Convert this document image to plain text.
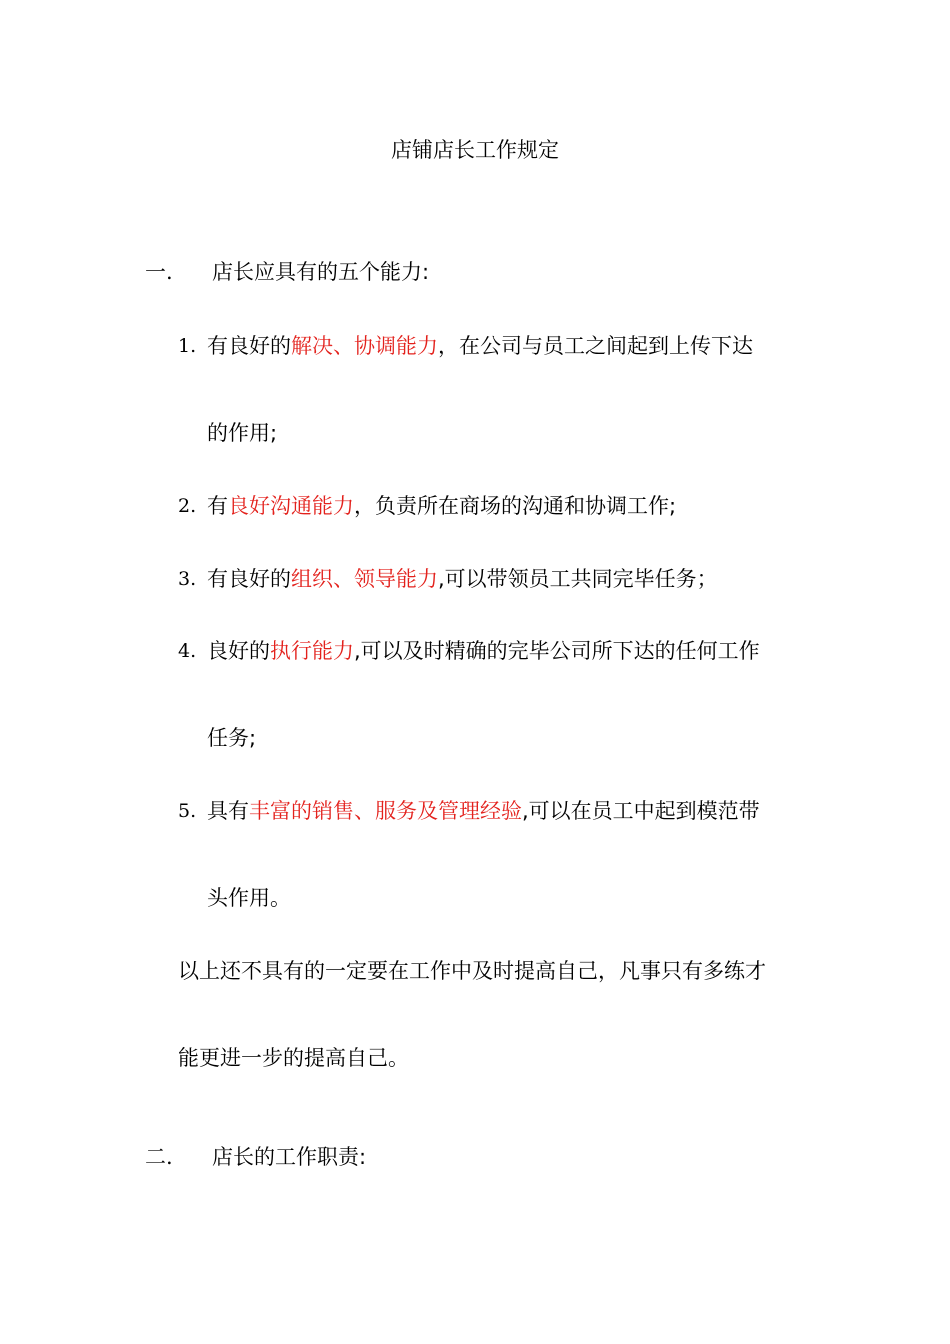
店铺店长工作规定
一. 店长应具有的五个能力:
1. 有良好的解决、协调能力，在公司与员工之间起到上传下达
的作用;
2. 有良好沟通能力，负责所在商场的沟通和协调工作;
3. 有良好的组织、领导能力,可以带领员工共同完毕任务；
4. 良好的执行能力,可以及时精确的完毕公司所下达的任何工作
任务;
5. 具有丰富的销售、服务及管理经验,可以在员工中起到模范带
头作用。
以上还不具有的一定要在工作中及时提高自己，凡事只有多练才
能更进一步的提高自己。
二. 店长的工作职责:
